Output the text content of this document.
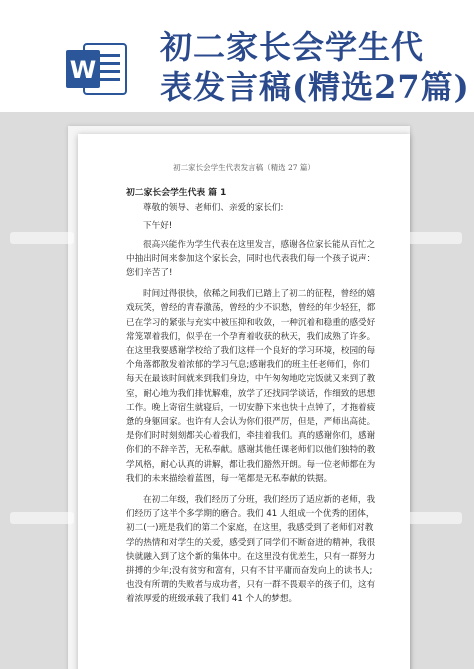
W
初二家长会学生代
表发言稿(精选27篇)
初二家长会学生代表发言稿（精选 27 篇）
初二家长会学生代表 篇 1

尊敬的领导、老师们、亲爱的家长们:

下午好!

很高兴能作为学生代表在这里发言，感谢各位家长能从百忙之中抽出时间来参加这个家长会，同时也代表我们每一个孩子说声：您们辛苦了!

时间过得很快，依稀之间我们已踏上了初二的征程，曾经的嬉戏玩笑，曾经的青春激荡，曾经的少不识愁，曾经的年少轻狂，都已在学习的紧张与充实中被压抑和收敛，一种沉着和稳重的感受好常笼罩着我们，似乎在一个孕育着收获的秋天，我们成熟了许多。在这里我要感谢学校给了我们这样一个良好的学习环境，校园的每个角落都散发着浓郁的学习气息;感谢我们的班主任老师们，你们每天在最该时间就来到我们身边，中午匆匆地吃完饭就又来到了教室，耐心地为我们排忧解难，放学了还找同学谈话，作细致的思想工作。晚上寄宿生就寝后，一切安静下来也快十点钟了，才拖着疲惫的身躯回家。也许有人会认为你们很严厉，但是，严师出高徒。是你们时时刻刻都关心着我们，牵挂着我们。真的感谢你们，感谢你们的不辞辛苦，无私奉献。感谢其他任课老师们以他们独特的教学风格，耐心认真的讲解，都让我们豁然开朗。每一位老师都在为我们的未来描绘着蓝图，每一笔都是无私奉献的铁据。

在初二年级，我们经历了分班，我们经历了适应新的老师，我们经历了这半个多学期的磨合。我们 41 人组成一个优秀的团体，初二(一)班是我们的第二个家庭，在这里，我感受到了老师们对教学的热情和对学生的关爱，感受到了同学们不断奋进的精神，我很快就融入到了这个新的集体中。在这里没有优差生，只有一群努力拼搏的少年;没有贫穷和富有，只有不甘平庸而奋发向上的读书人;也没有所谓的失败者与成功者，只有一群不畏艰辛的孩子们，这有着浓厚爱的班级承载了我们 41 个人的梦想。
